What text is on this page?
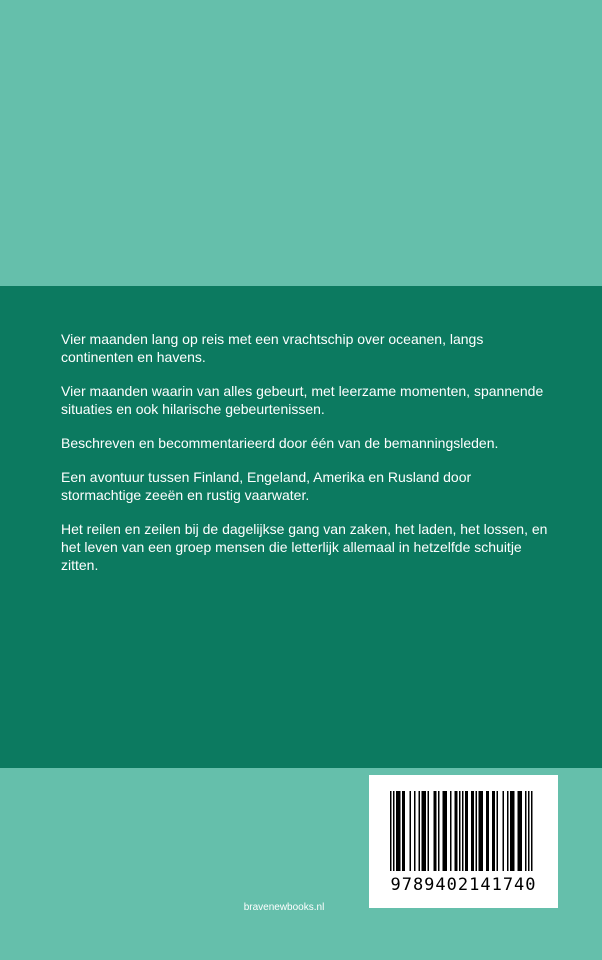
Vier maanden lang op reis met een vrachtschip over oceanen, langs continenten en havens.

Vier maanden waarin van alles gebeurt, met leerzame momenten, spannende situaties en ook hilarische gebeurtenissen.

Beschreven en becommentarieerd door één van de bemanningsleden.

Een avontuur tussen Finland, Engeland, Amerika en Rusland door stormachtige zeeën en rustig vaarwater.

Het reilen en zeilen bij de dagelijkse gang van zaken, het laden, het lossen, en het leven van een groep mensen die letterlijk allemaal in hetzelfde schuitje zitten.

9789402141740
bravenewbooks.nl
